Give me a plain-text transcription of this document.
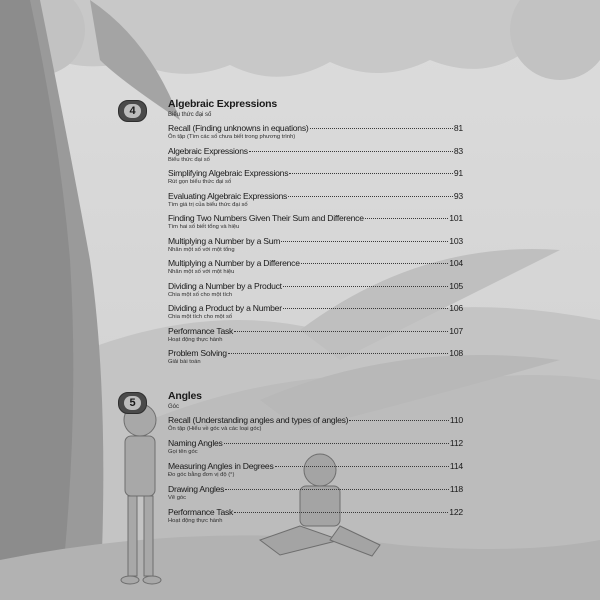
4
Algebraic Expressions
Biểu thức đại số
Recall (Finding unknowns in equations)	81
Ôn tập (Tìm các số chưa biết trong phương trình)
Algebraic Expressions	83
Biểu thức đại số
Simplifying Algebraic Expressions	91
Rút gọn biểu thức đại số
Evaluating Algebraic Expressions	93
Tìm giá trị của biểu thức đại số
Finding Two Numbers Given Their Sum and Difference	101
Tìm hai số biết tổng và hiệu
Multiplying a Number by a Sum	103
Nhân một số với một tổng
Multiplying a Number by a Difference	104
Nhân một số với một hiệu
Dividing a Number by a Product	105
Chia một số cho một tích
Dividing a Product by a Number	106
Chia một tích cho một số
Performance Task	107
Hoạt động thực hành
Problem Solving	108
Giải bài toán
5
Angles
Góc
Recall (Understanding angles and types of angles)	110
Ôn tập (Hiểu về góc và các loại góc)
Naming Angles	112
Gọi tên góc
Measuring Angles in Degrees	114
Đo góc bằng đơn vị độ (°)
Drawing Angles	118
Vẽ góc
Performance Task	122
Hoạt động thực hành
